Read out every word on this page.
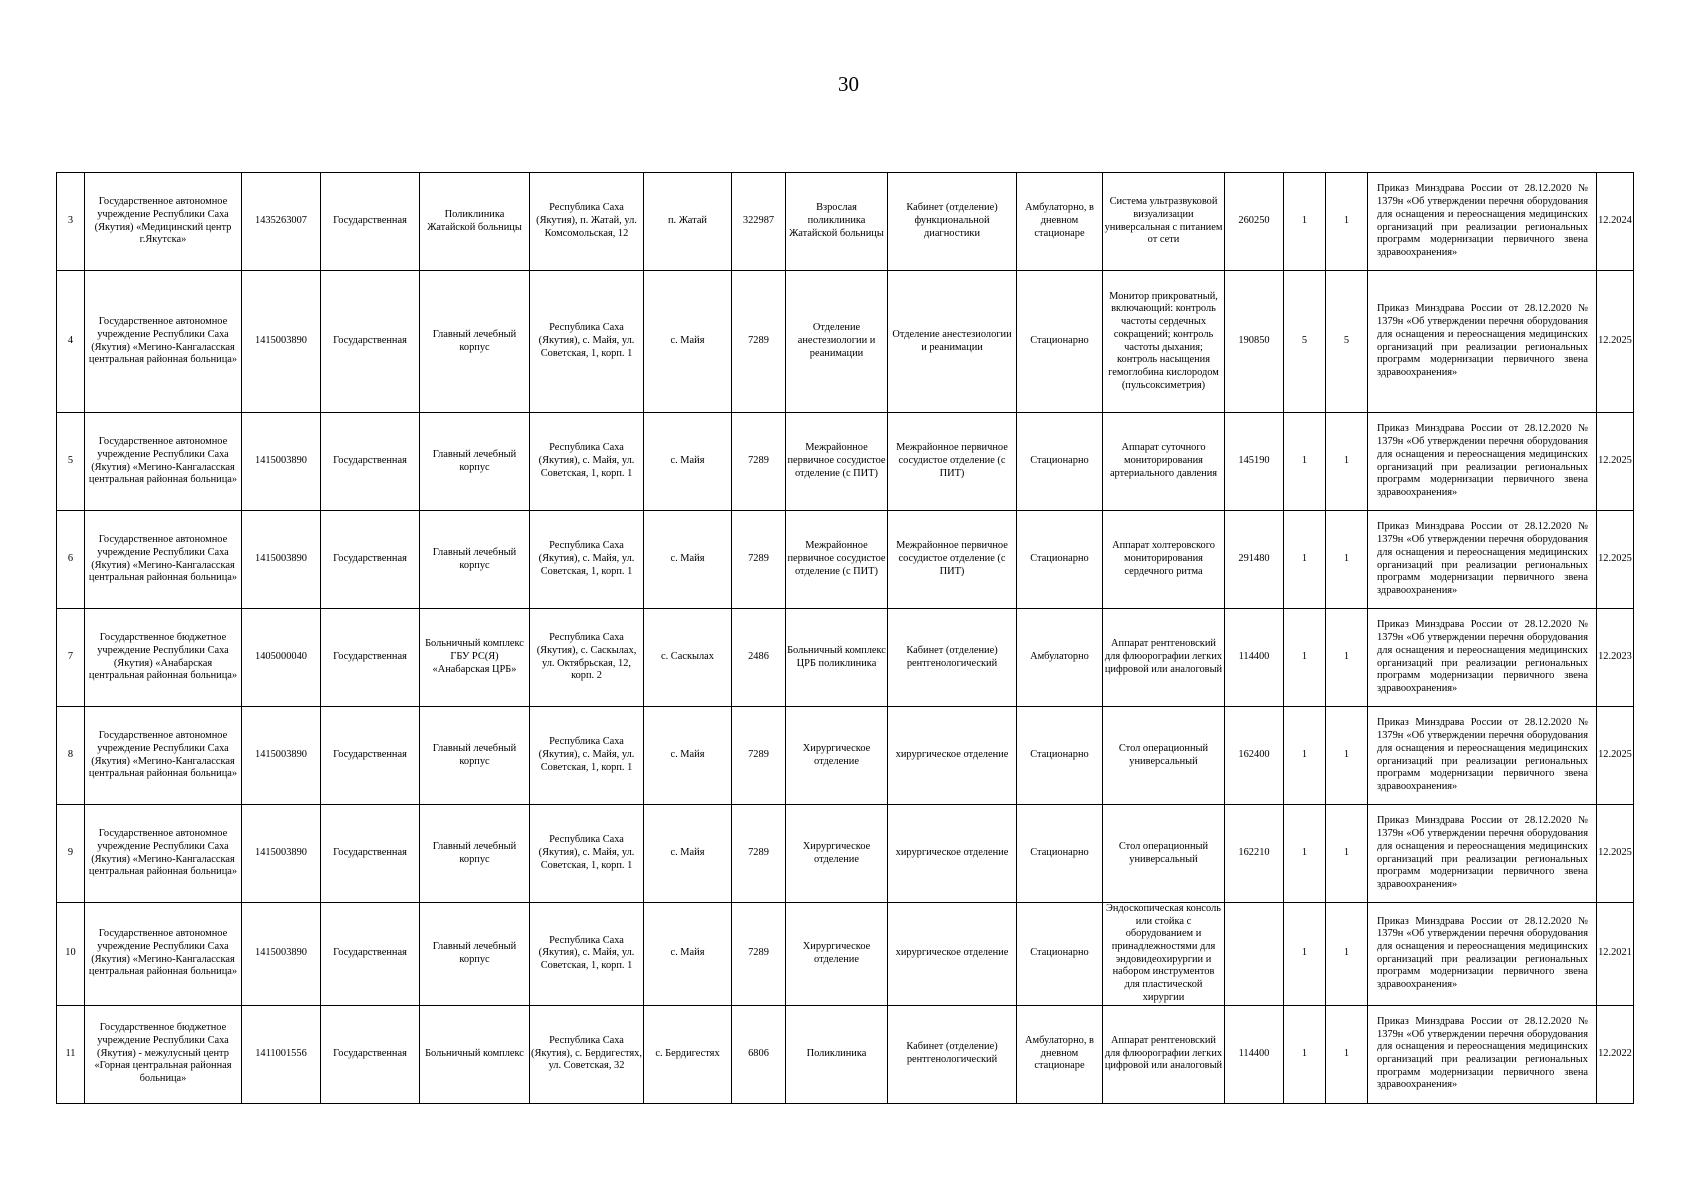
30
3	Государственное автономное учреждение Республики Саха (Якутия) «Медицинский центр г.Якутска»	1435263007	Государственная	Поликлиника Жатайской больницы	Республика Саха (Якутия), п. Жатай, ул. Комсомольская, 12	п. Жатай	322987	Взрослая поликлиника Жатайской больницы	Кабинет (отделение) функциональной диагностики	Амбулаторно, в дневном стационаре	Система ультразвуковой визуализации универсальная с питанием от сети	260250	1	1	Приказ Минздрава России от 28.12.2020 № 1379н «Об утверждении перечня оборудования для оснащения и переоснащения медицинских организаций при реализации региональных программ модернизации первичного звена здравоохранения»	12.2024
4	Государственное автономное учреждение Республики Саха (Якутия) «Мегино-Кангаласская центральная районная больница»	1415003890	Государственная	Главный лечебный корпус	Республика Саха (Якутия), с. Майя, ул. Советская, 1, корп. 1	с. Майя	7289	Отделение анестезиологии и реанимации	Отделение анестезиологии и реанимации	Стационарно	Монитор прикроватный, включающий: контроль частоты сердечных сокращений; контроль частоты дыхания; контроль насыщения гемоглобина кислородом (пульсоксиметрия)	190850	5	5	Приказ Минздрава России от 28.12.2020 № 1379н «Об утверждении перечня оборудования для оснащения и переоснащения медицинских организаций при реализации региональных программ модернизации первичного звена здравоохранения»	12.2025
5	Государственное автономное учреждение Республики Саха (Якутия) «Мегино-Кангаласская центральная районная больница»	1415003890	Государственная	Главный лечебный корпус	Республика Саха (Якутия), с. Майя, ул. Советская, 1, корп. 1	с. Майя	7289	Межрайонное первичное сосудистое отделение (с ПИТ)	Межрайонное первичное сосудистое отделение (с ПИТ)	Стационарно	Аппарат суточного мониторирования артериального давления	145190	1	1	Приказ Минздрава России от 28.12.2020 № 1379н «Об утверждении перечня оборудования для оснащения и переоснащения медицинских организаций при реализации региональных программ модернизации первичного звена здравоохранения»	12.2025
6	Государственное автономное учреждение Республики Саха (Якутия) «Мегино-Кангаласская центральная районная больница»	1415003890	Государственная	Главный лечебный корпус	Республика Саха (Якутия), с. Майя, ул. Советская, 1, корп. 1	с. Майя	7289	Межрайонное первичное сосудистое отделение (с ПИТ)	Межрайонное первичное сосудистое отделение (с ПИТ)	Стационарно	Аппарат холтеровского мониторирования сердечного ритма	291480	1	1	Приказ Минздрава России от 28.12.2020 № 1379н «Об утверждении перечня оборудования для оснащения и переоснащения медицинских организаций при реализации региональных программ модернизации первичного звена здравоохранения»	12.2025
7	Государственное бюджетное учреждение Республики Саха (Якутия) «Анабарская центральная районная больница»	1405000040	Государственная	Больничный комплекс ГБУ РС(Я) «Анабарская ЦРБ»	Республика Саха (Якутия), с. Саскылах, ул. Октябрьская, 12, корп. 2	с. Саскылах	2486	Больничный комплекс ЦРБ поликлиника	Кабинет (отделение) рентгенологический	Амбулаторно	Аппарат рентгеновский для флюорографии легких цифровой или аналоговый	114400	1	1	Приказ Минздрава России от 28.12.2020 № 1379н «Об утверждении перечня оборудования для оснащения и переоснащения медицинских организаций при реализации региональных программ модернизации первичного звена здравоохранения»	12.2023
8	Государственное автономное учреждение Республики Саха (Якутия) «Мегино-Кангаласская центральная районная больница»	1415003890	Государственная	Главный лечебный корпус	Республика Саха (Якутия), с. Майя, ул. Советская, 1, корп. 1	с. Майя	7289	Хирургическое отделение	хирургическое отделение	Стационарно	Стол операционный универсальный	162400	1	1	Приказ Минздрава России от 28.12.2020 № 1379н «Об утверждении перечня оборудования для оснащения и переоснащения медицинских организаций при реализации региональных программ модернизации первичного звена здравоохранения»	12.2025
9	Государственное автономное учреждение Республики Саха (Якутия) «Мегино-Кангаласская центральная районная больница»	1415003890	Государственная	Главный лечебный корпус	Республика Саха (Якутия), с. Майя, ул. Советская, 1, корп. 1	с. Майя	7289	Хирургическое отделение	хирургическое отделение	Стационарно	Стол операционный универсальный	162210	1	1	Приказ Минздрава России от 28.12.2020 № 1379н «Об утверждении перечня оборудования для оснащения и переоснащения медицинских организаций при реализации региональных программ модернизации первичного звена здравоохранения»	12.2025
10	Государственное автономное учреждение Республики Саха (Якутия) «Мегино-Кангаласская центральная районная больница»	1415003890	Государственная	Главный лечебный корпус	Республика Саха (Якутия), с. Майя, ул. Советская, 1, корп. 1	с. Майя	7289	Хирургическое отделение	хирургическое отделение	Стационарно	Эндоскопическая консоль или стойка с оборудованием и принадлежностями для эндовидеохирургии и набором инструментов для пластической хирургии		1	1	Приказ Минздрава России от 28.12.2020 № 1379н «Об утверждении перечня оборудования для оснащения и переоснащения медицинских организаций при реализации региональных программ модернизации первичного звена здравоохранения»	12.2021
11	Государственное бюджетное учреждение Республики Саха (Якутия) - межулусный центр «Горная центральная районная больница»	1411001556	Государственная	Больничный комплекс	Республика Саха (Якутия), с. Бердигестях, ул. Советская, 32	с. Бердигестях	6806	Поликлиника	Кабинет (отделение) рентгенологический	Амбулаторно, в дневном стационаре	Аппарат рентгеновский для флюорографии легких цифровой или аналоговый	114400	1	1	Приказ Минздрава России от 28.12.2020 № 1379н «Об утверждении перечня оборудования для оснащения и переоснащения медицинских организаций при реализации региональных программ модернизации первичного звена здравоохранения»	12.2022
